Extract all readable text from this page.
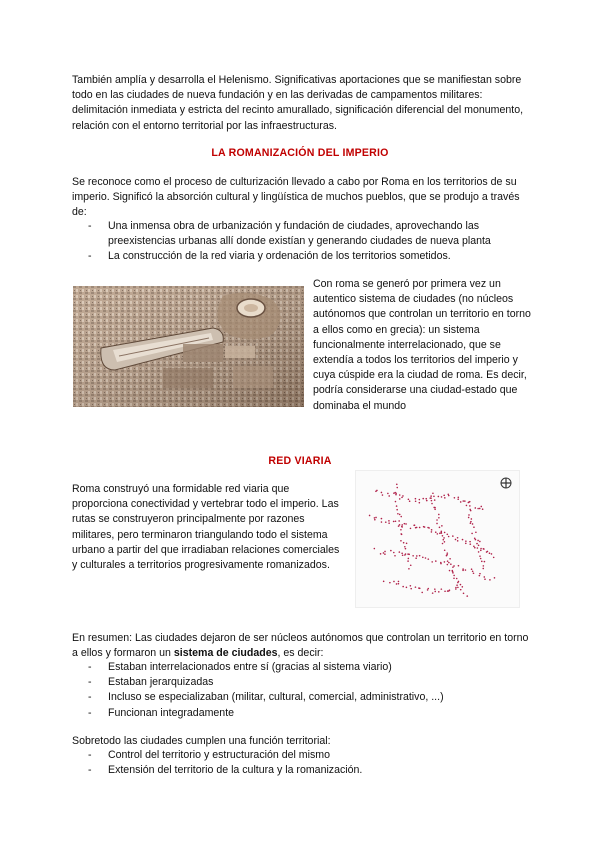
También amplía y desarrolla el Helenismo. Significativas aportaciones que se manifiestan sobre todo en las ciudades de nueva fundación y en las derivadas de campamentos militares: delimitación inmediata y estricta del recinto amurallado, significación diferencial del monumento, relación con el entorno territorial por las infraestructuras.
LA ROMANIZACIÓN DEL IMPERIO
Se reconoce como el proceso de culturización llevado a cabo por Roma en los territorios de su imperio. Significó la absorción cultural y lingüística de muchos pueblos, que se produjo a través de:
- Una inmensa obra de urbanización y fundación de ciudades, aprovechando las preexistencias urbanas allí donde existían y generando ciudades de nueva planta
- La construcción de la red viaria y ordenación de los territorios sometidos.
Con roma se generó por primera vez un autentico sistema de ciudades (no núcleos autónomos que controlan un territorio en torno a ellos como en grecia): un sistema funcionalmente interrelacionado, que se extendía a todos los territorios del imperio y cuya cúspide era la ciudad de roma. Es decir, podría considerarse una ciudad-estado que dominaba el mundo
RED VIARIA
Roma construyó una formidable red viaria que proporciona conectividad y vertebrar todo el imperio. Las rutas se construyeron principalmente por razones militares, pero terminaron triangulando todo el sistema urbano a partir del que irradiaban relaciones comerciales y culturales a territorios progresivamente romanizados.
En resumen: Las ciudades dejaron de ser núcleos autónomos que controlan un territorio en torno a ellos y formaron un sistema de ciudades, es decir:
- Estaban interrelacionados entre sí (gracias al sistema viario)
- Estaban jerarquizadas
- Incluso se especializaban (militar, cultural, comercial, administrativo, ...)
- Funcionan integradamente
Sobretodo las ciudades cumplen una función territorial:
- Control del territorio y estructuración del mismo
- Extensión del territorio de la cultura y la romanización.
